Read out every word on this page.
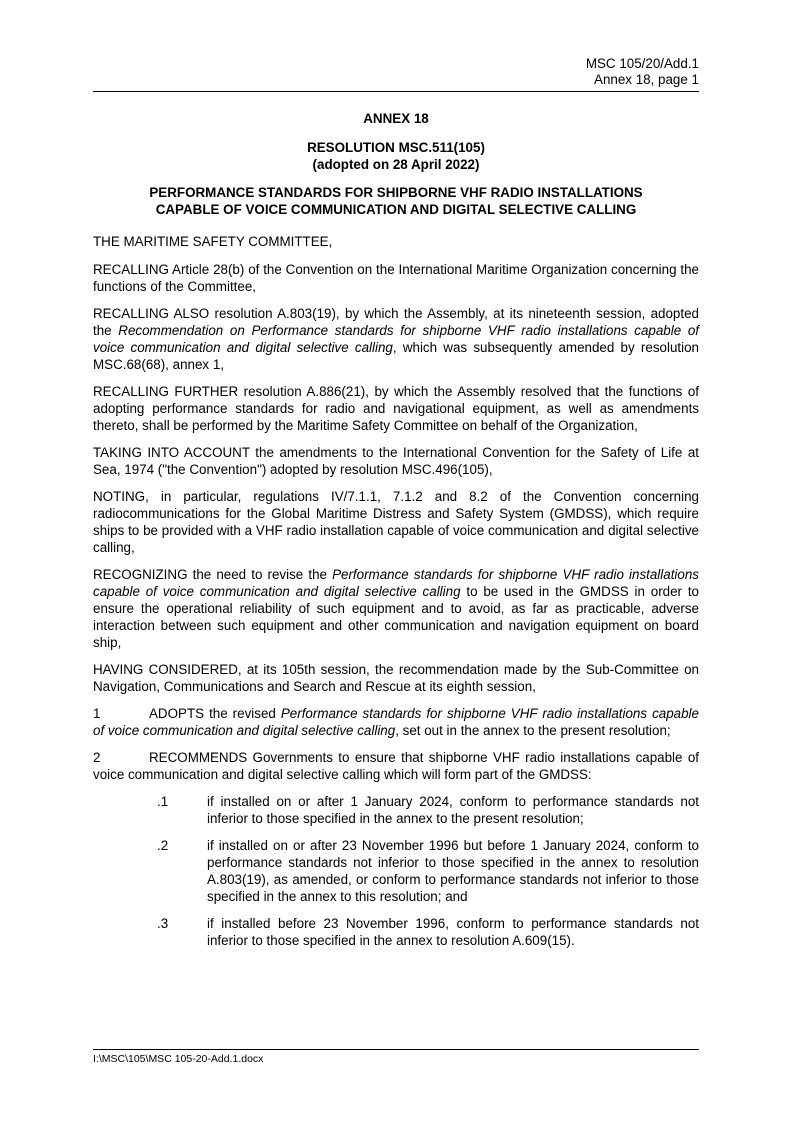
MSC 105/20/Add.1
Annex 18, page 1
ANNEX 18
RESOLUTION MSC.511(105)
(adopted on 28 April 2022)
PERFORMANCE STANDARDS FOR SHIPBORNE VHF RADIO INSTALLATIONS
CAPABLE OF VOICE COMMUNICATION AND DIGITAL SELECTIVE CALLING

THE MARITIME SAFETY COMMITTEE,

RECALLING Article 28(b) of the Convention on the International Maritime Organization concerning the functions of the Committee,

RECALLING ALSO resolution A.803(19), by which the Assembly, at its nineteenth session, adopted the Recommendation on Performance standards for shipborne VHF radio installations capable of voice communication and digital selective calling, which was subsequently amended by resolution MSC.68(68), annex 1,

RECALLING FURTHER resolution A.886(21), by which the Assembly resolved that the functions of adopting performance standards for radio and navigational equipment, as well as amendments thereto, shall be performed by the Maritime Safety Committee on behalf of the Organization,

TAKING INTO ACCOUNT the amendments to the International Convention for the Safety of Life at Sea, 1974 ("the Convention") adopted by resolution MSC.496(105),

NOTING, in particular, regulations IV/7.1.1, 7.1.2 and 8.2 of the Convention concerning radiocommunications for the Global Maritime Distress and Safety System (GMDSS), which require ships to be provided with a VHF radio installation capable of voice communication and digital selective calling,

RECOGNIZING the need to revise the Performance standards for shipborne VHF radio installations capable of voice communication and digital selective calling to be used in the GMDSS in order to ensure the operational reliability of such equipment and to avoid, as far as practicable, adverse interaction between such equipment and other communication and navigation equipment on board ship,

HAVING CONSIDERED, at its 105th session, the recommendation made by the Sub-Committee on Navigation, Communications and Search and Rescue at its eighth session,

1	ADOPTS the revised Performance standards for shipborne VHF radio installations capable of voice communication and digital selective calling, set out in the annex to the present resolution;

2	RECOMMENDS Governments to ensure that shipborne VHF radio installations capable of voice communication and digital selective calling which will form part of the GMDSS:

.1	if installed on or after 1 January 2024, conform to performance standards not inferior to those specified in the annex to the present resolution;
.2	if installed on or after 23 November 1996 but before 1 January 2024, conform to performance standards not inferior to those specified in the annex to resolution A.803(19), as amended, or conform to performance standards not inferior to those specified in the annex to this resolution; and
.3	if installed before 23 November 1996, conform to performance standards not inferior to those specified in the annex to resolution A.609(15).
I:\MSC\105\MSC 105-20-Add.1.docx
